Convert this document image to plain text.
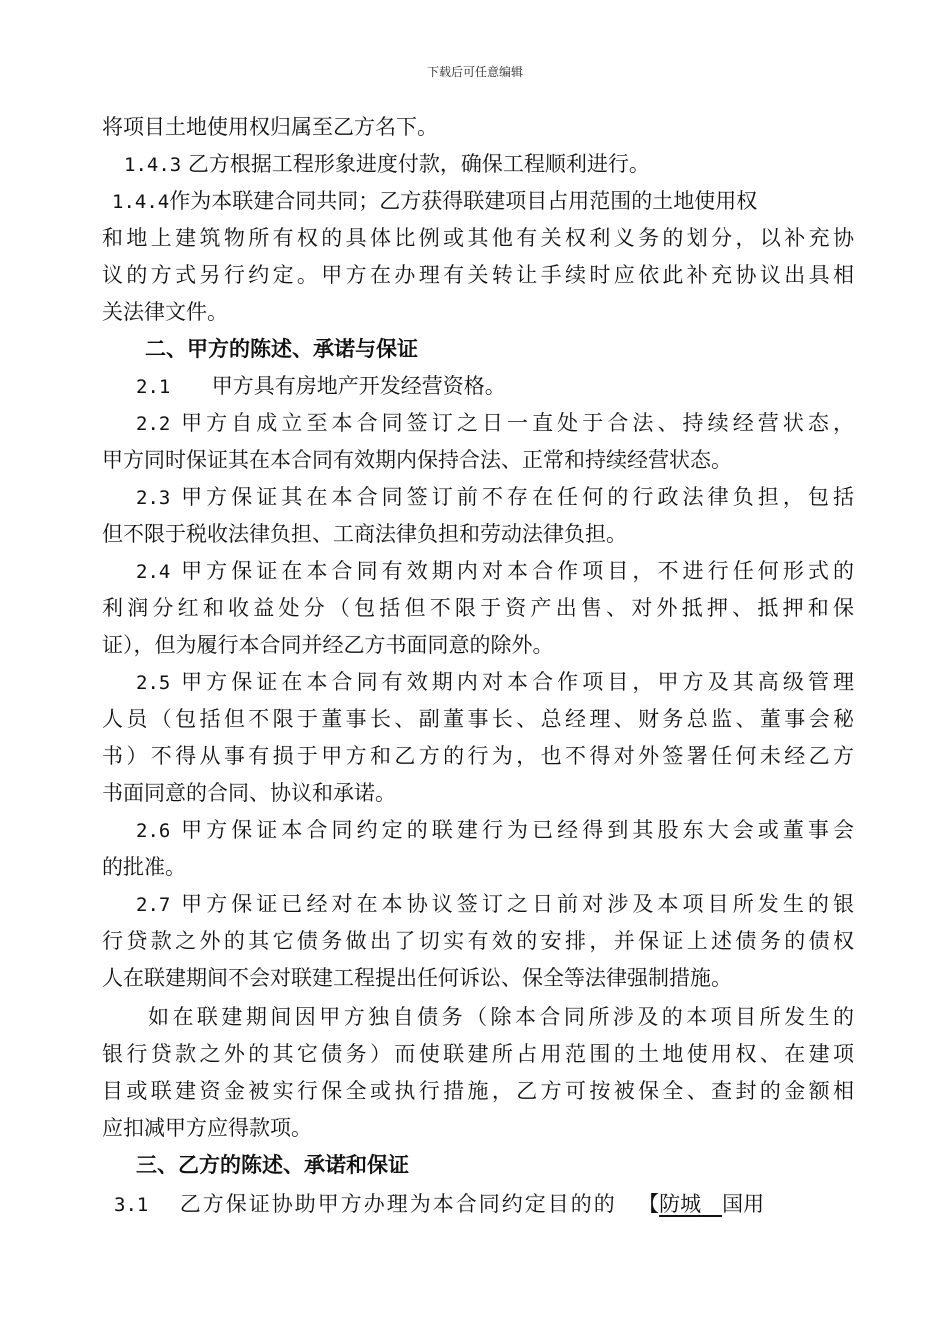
下载后可任意编辑
将项目土地使用权归属至乙方名下。
1.4.3 乙方根据工程形象进度付款，确保工程顺利进行。
1.4.4作为本联建合同共同；乙方获得联建项目占用范围的土地使用权
和地上建筑物所有权的具体比例或其他有关权利义务的划分，以补充协
议的方式另行约定。甲方在办理有关转让手续时应依此补充协议出具相
关法律文件。
二、甲方的陈述、承诺与保证
2.1 甲方具有房地产开发经营资格。
2.2 甲方自成立至本合同签订之日一直处于合法、持续经营状态，
甲方同时保证其在本合同有效期内保持合法、正常和持续经营状态。
2.3 甲方保证其在本合同签订前不存在任何的行政法律负担，包括
但不限于税收法律负担、工商法律负担和劳动法律负担。
2.4 甲方保证在本合同有效期内对本合作项目，不进行任何形式的
利润分红和收益处分（包括但不限于资产出售、对外抵押、抵押和保
证），但为履行本合同并经乙方书面同意的除外。
2.5 甲方保证在本合同有效期内对本合作项目，甲方及其高级管理
人员（包括但不限于董事长、副董事长、总经理、财务总监、董事会秘
书）不得从事有损于甲方和乙方的行为，也不得对外签署任何未经乙方
书面同意的合同、协议和承诺。
2.6 甲方保证本合同约定的联建行为已经得到其股东大会或董事会
的批准。
2.7 甲方保证已经对在本协议签订之日前对涉及本项目所发生的银
行贷款之外的其它债务做出了切实有效的安排，并保证上述债务的债权
人在联建期间不会对联建工程提出任何诉讼、保全等法律强制措施。
如在联建期间因甲方独自债务（除本合同所涉及的本项目所发生的
银行贷款之外的其它债务）而使联建所占用范围的土地使用权、在建项
目或联建资金被实行保全或执行措施，乙方可按被保全、查封的金额相
应扣减甲方应得款项。
三、乙方的陈述、承诺和保证
3.1 乙方保证协助甲方办理为本合同约定目的的 【防城  国用
